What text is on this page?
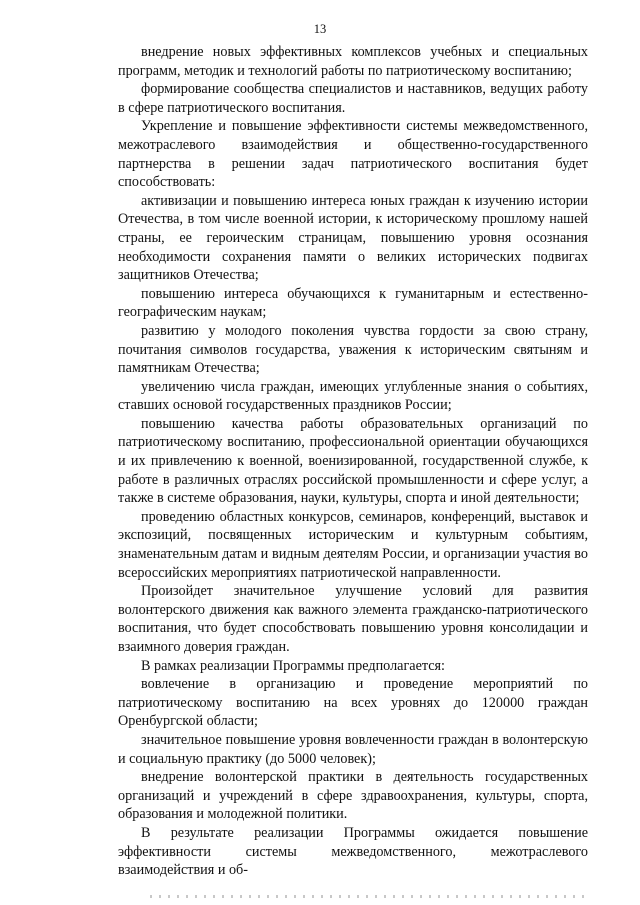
13

внедрение новых эффективных комплексов учебных и специальных программ, методик и технологий работы по патриотическому воспитанию;

формирование сообщества специалистов и наставников, ведущих работу в сфере патриотического воспитания.

Укрепление и повышение эффективности системы межведомственного, межотраслевого взаимодействия и общественно-государственного партнерства в решении задач патриотического воспитания будет способствовать:

активизации и повышению интереса юных граждан к изучению истории Отечества, в том числе военной истории, к историческому прошлому нашей страны, ее героическим страницам, повышению уровня осознания необходимости сохранения памяти о великих исторических подвигах защитников Отечества;

повышению интереса обучающихся к гуманитарным и естественно-географическим наукам;

развитию у молодого поколения чувства гордости за свою страну, почитания символов государства, уважения к историческим святыням и памятникам Отечества;

увеличению числа граждан, имеющих углубленные знания о событиях, ставших основой государственных праздников России;

повышению качества работы образовательных организаций по патриотическому воспитанию, профессиональной ориентации обучающихся и их привлечению к военной, военизированной, государственной службе, к работе в различных отраслях российской промышленности и сфере услуг, а также в системе образования, науки, культуры, спорта и иной деятельности;

проведению областных конкурсов, семинаров, конференций, выставок и экспозиций, посвященных историческим и культурным событиям, знаменательным датам и видным деятелям России, и организации участия во всероссийских мероприятиях патриотической направленности.

Произойдет значительное улучшение условий для развития волонтерского движения как важного элемента гражданско-патриотического воспитания, что будет способствовать повышению уровня консолидации и взаимного доверия граждан.

В рамках реализации Программы предполагается:

вовлечение в организацию и проведение мероприятий по патриотическому воспитанию на всех уровнях до 120000 граждан Оренбургской области;

значительное повышение уровня вовлеченности граждан в волонтерскую и социальную практику (до 5000 человек);

внедрение волонтерской практики в деятельность государственных организаций и учреждений в сфере здравоохранения, культуры, спорта, образования и молодежной политики.

В результате реализации Программы ожидается повышение эффективности системы межведомственного, межотраслевого взаимодействия и об-
